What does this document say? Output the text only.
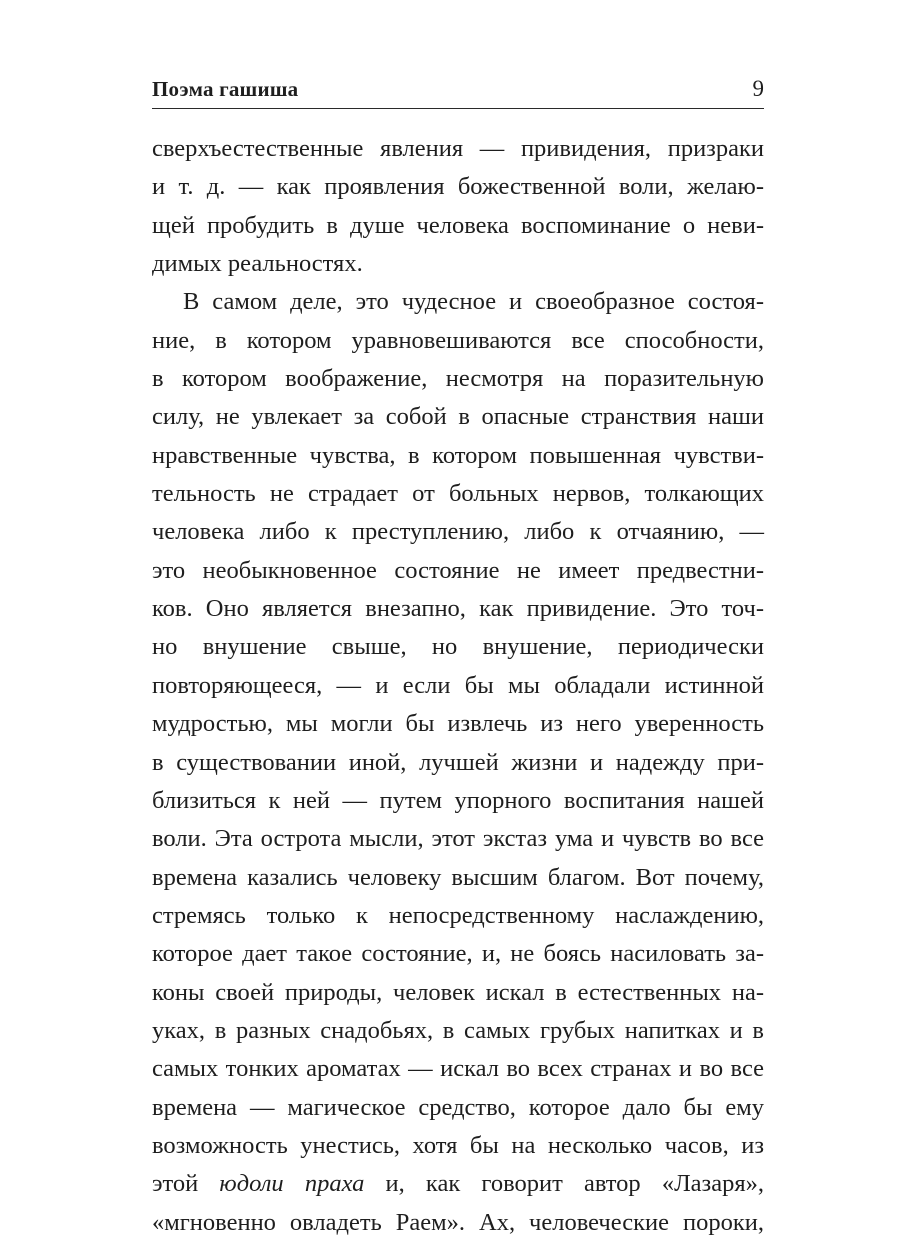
Поэма гашиша	9
сверхъестественные явления — привидения, призраки
и т. д. — как проявления божественной воли, желаю-
щей пробудить в душе человека воспоминание о неви-
димых реальностях.
В самом деле, это чудесное и своеобразное состоя-
ние, в котором уравновешиваются все способности,
в котором воображение, несмотря на поразительную
силу, не увлекает за собой в опасные странствия наши
нравственные чувства, в котором повышенная чувстви-
тельность не страдает от больных нервов, толкающих
человека либо к преступлению, либо к отчаянию, —
это необыкновенное состояние не имеет предвестни-
ков. Оно является внезапно, как привидение. Это точ-
но внушение свыше, но внушение, периодически
повторяющееся, — и если бы мы обладали истинной
мудростью, мы могли бы извлечь из него уверенность
в существовании иной, лучшей жизни и надежду при-
близиться к ней — путем упорного воспитания нашей
воли. Эта острота мысли, этот экстаз ума и чувств во все
времена казались человеку высшим благом. Вот почему,
стремясь только к непосредственному наслаждению,
которое дает такое состояние, и, не боясь насиловать за-
коны своей природы, человек искал в естественных на-
уках, в разных снадобьях, в самых грубых напитках и в
самых тонких ароматах — искал во всех странах и во все
времена — магическое средство, которое дало бы ему
возможность унестись, хотя бы на несколько часов, из
этой юдоли праха и, как говорит автор «Лазаря»,
«мгновенно овладеть Раем». Ах, человеческие пороки,
